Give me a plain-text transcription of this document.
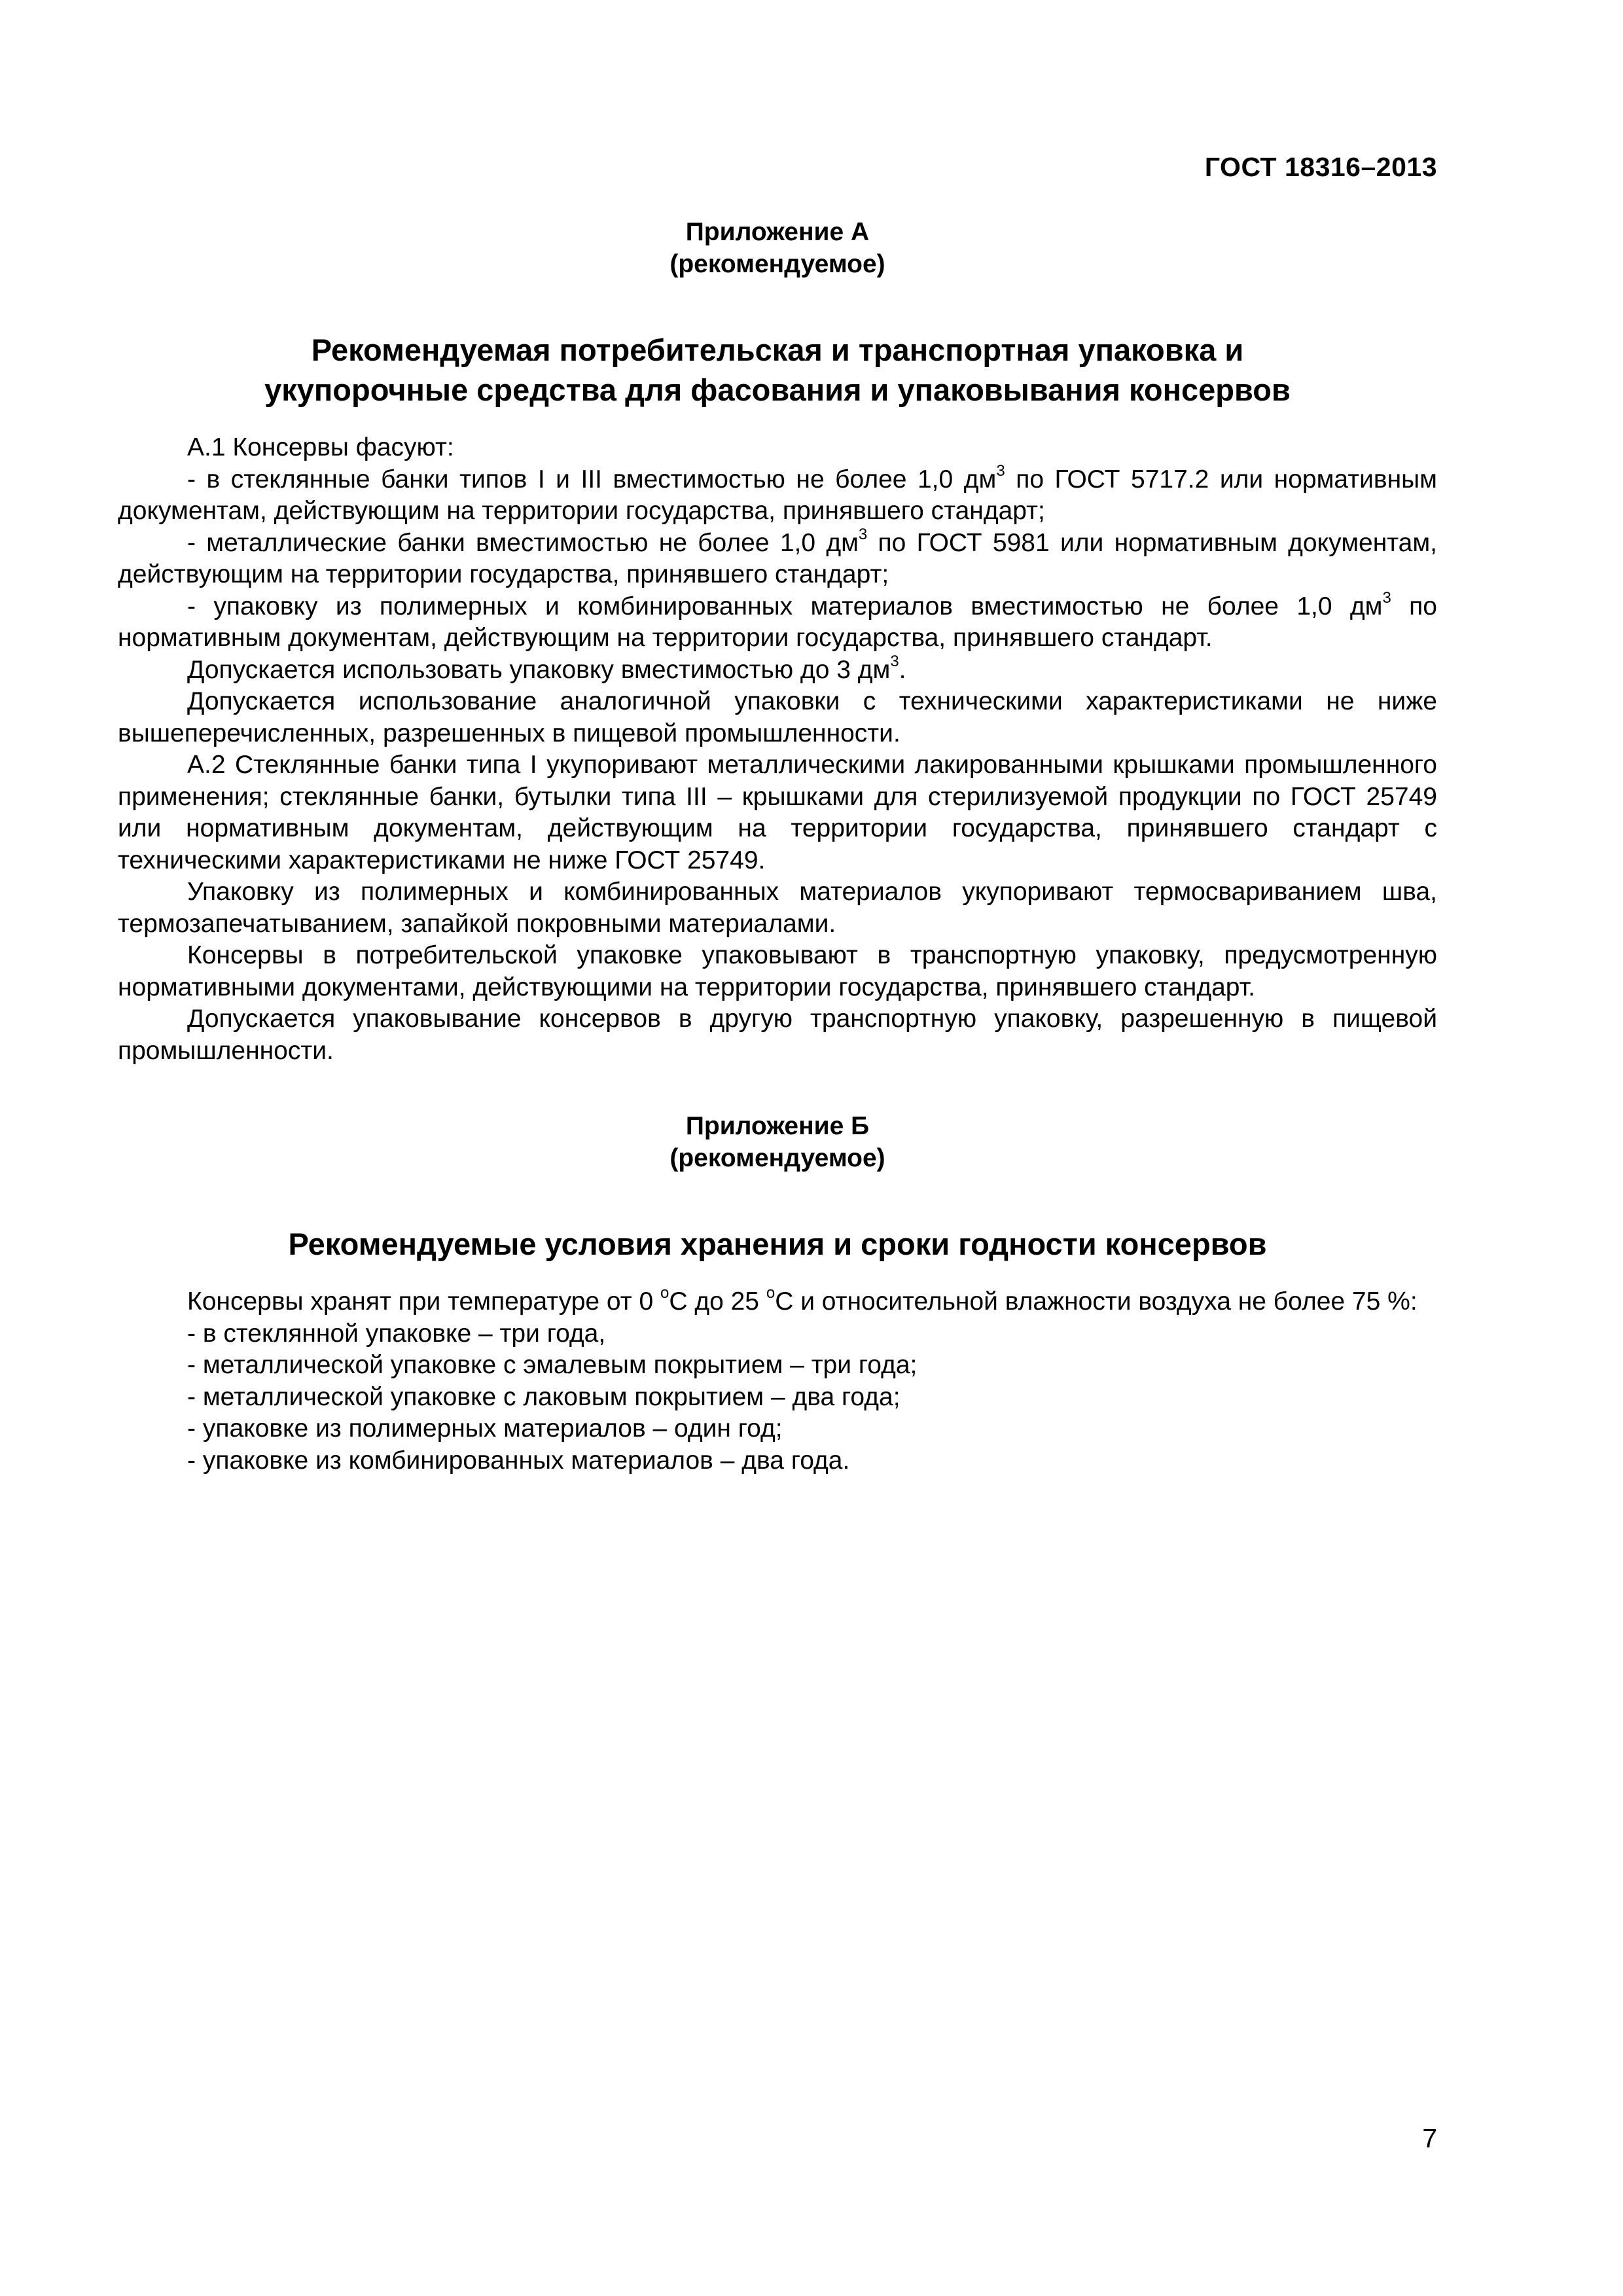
ГОСТ 18316–2013
Приложение А
(рекомендуемое)
Рекомендуемая потребительская и транспортная упаковка и
укупорочные средства для фасования и упаковывания консервов

А.1 Консервы фасуют:

- в стеклянные банки типов I и III вместимостью не более 1,0 $дм^3$ по ГОСТ 5717.2 или нормативным документам, действующим на территории государства, принявшего стандарт;

- металлические банки вместимостью не более 1,0 $дм^3$ по ГОСТ 5981 или нормативным документам, действующим на территории государства, принявшего стандарт;

- упаковку из полимерных и комбинированных материалов вместимостью не более 1,0 $дм^3$ по нормативным документам, действующим на территории государства, принявшего стандарт.

Допускается использовать упаковку вместимостью до 3 $дм^3$.

Допускается использование аналогичной упаковки с техническими характеристиками не ниже вышеперечисленных, разрешенных в пищевой промышленности.

А.2 Стеклянные банки типа I укупоривают металлическими лакированными крышками промышленного применения; стеклянные банки, бутылки типа III – крышками для стерилизуемой продукции по ГОСТ 25749 или нормативным документам, действующим на территории государства, принявшего стандарт с техническими характеристиками не ниже ГОСТ 25749.

Упаковку из полимерных и комбинированных материалов укупоривают термосвариванием шва, термозапечатыванием, запайкой покровными материалами.

Консервы в потребительской упаковке упаковывают в транспортную упаковку, предусмотренную нормативными документами, действующими на территории государства, принявшего стандарт.

Допускается упаковывание консервов в другую транспортную упаковку, разрешенную в пищевой промышленности.

Приложение Б
(рекомендуемое)
Рекомендуемые условия хранения и сроки годности консервов

Консервы хранят при температуре от 0 $^o$С до 25 $^o$С и относительной влажности воздуха не более 75 %:

- в стеклянной упаковке – три года,
- металлической упаковке с эмалевым покрытием – три года;
- металлической упаковке с лаковым покрытием – два года;
- упаковке из полимерных материалов – один год;
- упаковке из комбинированных материалов – два года.
7
